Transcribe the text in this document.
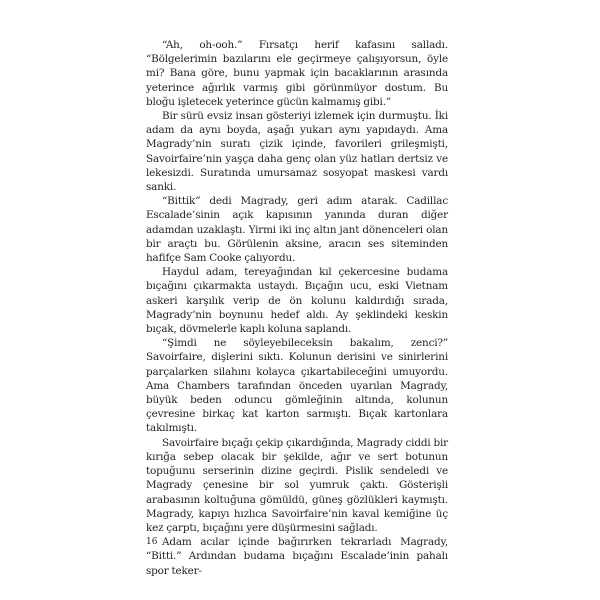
“Ah, oh-ooh.” Fırsatçı herif kafasını salladı. “Bölgelerimin bazılarını ele geçirmeye çalışıyorsun, öyle mi? Bana göre, bunu yapmak için bacaklarının arasında yeterince ağırlık varmış gibi görünmüyor dostum. Bu bloğu işletecek yeterince gücün kalmamış gibi.”

Bir sürü evsiz insan gösteriyi izlemek için durmuştu. İki adam da aynı boyda, aşağı yukarı aynı yapıdaydı. Ama Magrady’nin suratı çizik içinde, favorileri grileşmişti, Savoirfaire’nin yaşça daha genç olan yüz hatları dertsiz ve lekesizdi. Suratında umursamaz sosyopat maskesi vardı sanki.

“Bittik” dedi Magrady, geri adım atarak. Cadillac Escalade’sinin açık kapısının yanında duran diğer adamdan uzaklaştı. Yirmi iki inç altın jant dönenceleri olan bir araçtı bu. Görülenin aksine, aracın ses siteminden hafifçe Sam Cooke çalıyordu.

Haydul adam, tereyağından kıl çekercesine budama bıçağını çıkarmakta ustaydı. Bıçağın ucu, eski Vietnam askeri karşılık verip de ön kolunu kaldırdığı sırada, Magrady’nin boynunu hedef aldı. Ay şeklindeki keskin bıçak, dövmelerle kaplı koluna saplandı.

“Şimdi ne söyleyebileceksin bakalım, zenci?” Savoirfaire, dişlerini sıktı. Kolunun derisini ve sinirlerini parçalarken silahını kolayca çıkartabileceğini umuyordu. Ama Chambers tarafından önceden uyarılan Magrady, büyük beden oduncu gömleğinin altında, kolunun çevresine birkaç kat karton sarmıştı. Bıçak kartonlara takılmıştı.

Savoirfaire bıçağı çekip çıkardığında, Magrady ciddi bir kırığa sebep olacak bir şekilde, ağır ve sert botunun topuğunu serserinin dizine geçirdi. Pislik sendeledi ve Magrady çenesine bir sol yumruk çaktı. Gösterişli arabasının koltuğuna gömüldü, güneş gözlükleri kaymıştı. Magrady, kapıyı hızlıca Savoirfaire’nin kaval kemiğine üç kez çarptı, bıçağını yere düşürmesini sağladı.

Adam acılar içinde bağırırken tekrarladı Magrady, “Bitti.” Ardından budama bıçağını Escalade’inin pahalı spor teker-

16
